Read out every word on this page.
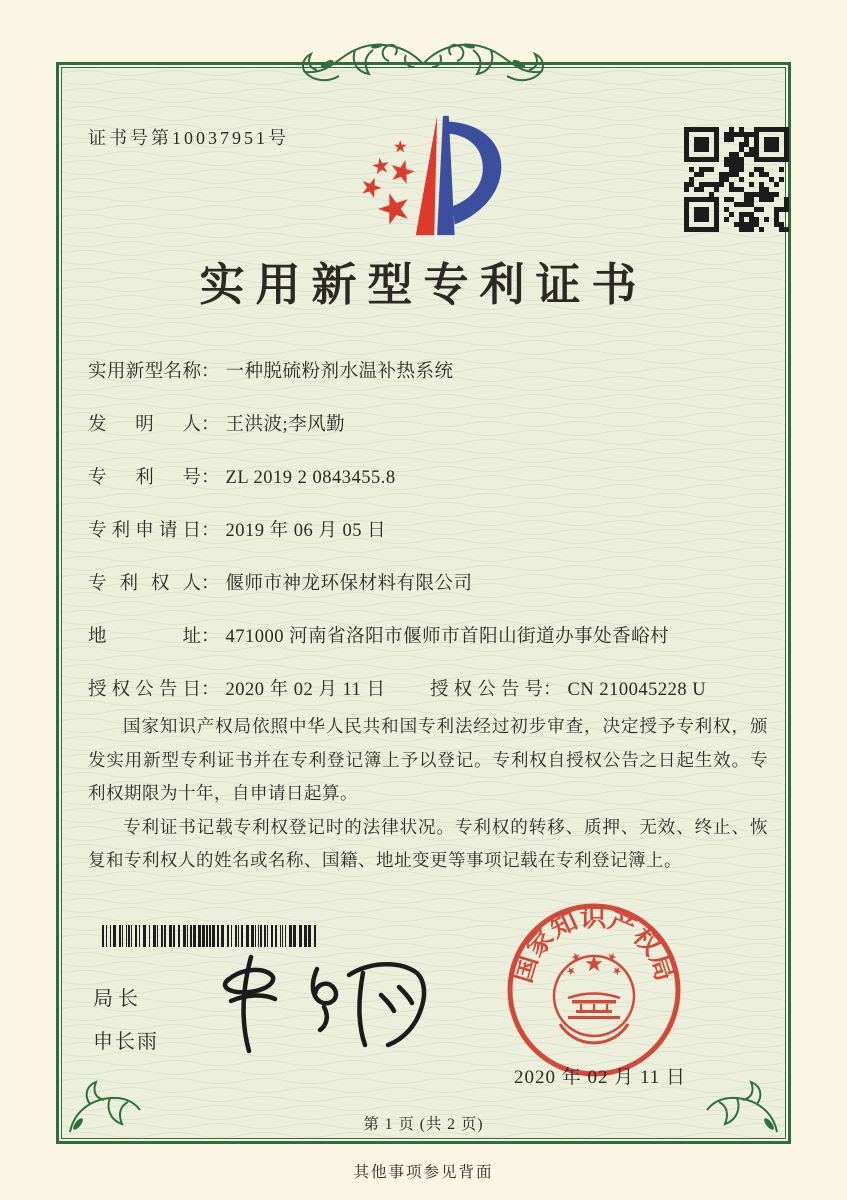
证书号第10037951号
实用新型专利证书
实用新型名称： 一种脱硫粉剂水温补热系统
发明人： 王洪波;李风勤
专利号： ZL 2019 2 0843455.8
专利申请日： 2019 年 06 月 05 日
专利权人： 偃师市神龙环保材料有限公司
地址： 471000 河南省洛阳市偃师市首阳山街道办事处香峪村
授权公告日： 2020 年 02 月 11 日 授权公告号： CN 210045228 U

国家知识产权局依照中华人民共和国专利法经过初步审查，决定授予专利权，颁发实用新型专利证书并在专利登记簿上予以登记。专利权自授权公告之日起生效。专利权期限为十年，自申请日起算。

专利证书记载专利权登记时的法律状况。专利权的转移、质押、无效、终止、恢复和专利权人的姓名或名称、国籍、地址变更等事项记载在专利登记簿上。

局长
申长雨
国家知识产权局
2020 年 02 月 11 日
第 1 页 (共 2 页)
其他事项参见背面
